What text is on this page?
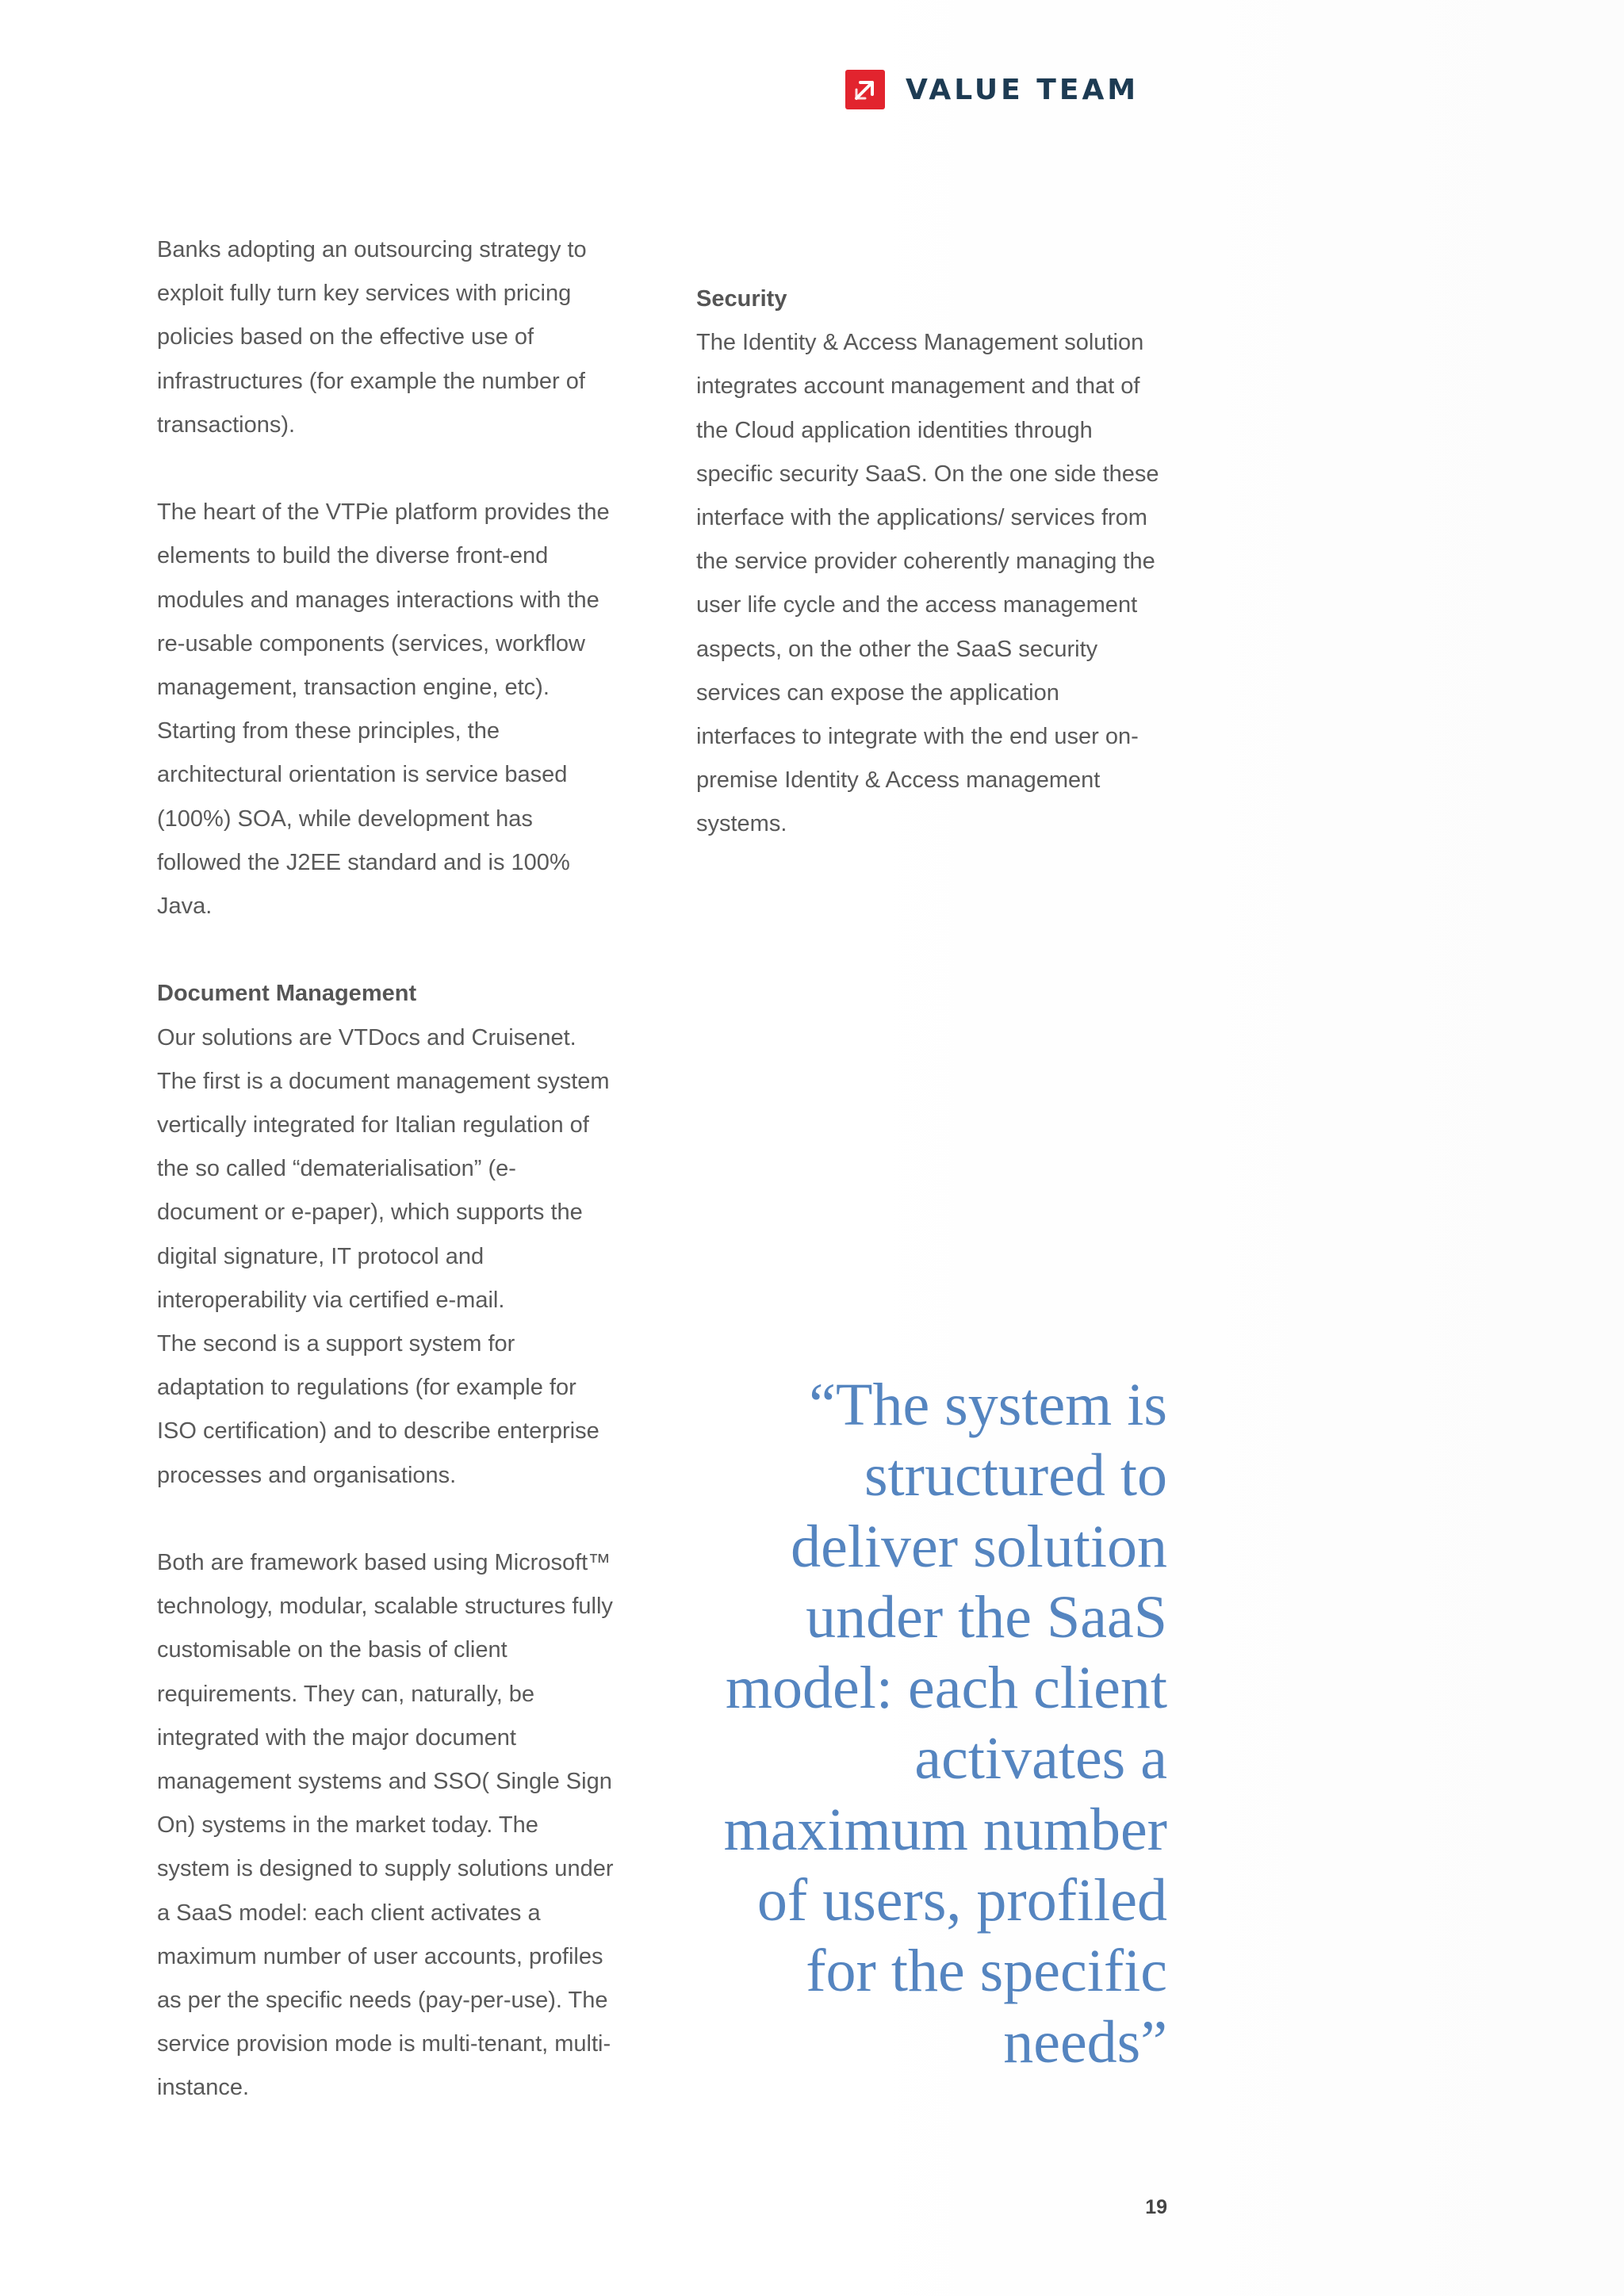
VALUE TEAM

Banks adopting an outsourcing strategy to

exploit fully turn key services with pricing

policies based on the effective use of

infrastructures (for example the number of

transactions).

The heart of the VTPie platform provides the

elements to build the diverse front-end

modules and manages interactions with the

re-usable components (services, workflow

management, transaction engine, etc).

Starting from these principles, the

architectural orientation is service based

(100%) SOA, while development has

followed the J2EE standard and is 100%

Java.

Document Management

Our solutions are VTDocs and Cruisenet.

The first is a document management system

vertically integrated for Italian regulation of

the so called “dematerialisation” (e-

document or e-paper), which supports the

digital signature, IT protocol and

interoperability via certified e-mail.

The second is a support system for

adaptation to regulations (for example for

ISO certification) and to describe enterprise

processes and organisations.

Both are framework based using Microsoft™

technology, modular, scalable structures fully

customisable on the basis of client

requirements. They can, naturally, be

integrated with the major document

management systems and SSO( Single Sign

On) systems in the market today. The

system is designed to supply solutions under

a SaaS model: each client activates a

maximum number of user accounts, profiles

as per the specific needs (pay-per-use). The

service provision mode is multi-tenant, multi-

instance.

Security

The Identity & Access Management solution

integrates account management and that of

the Cloud application identities through

specific security SaaS. On the one side these

interface with the applications/ services from

the service provider coherently managing the

user life cycle and the access management

aspects, on the other the SaaS security

services can expose the application

interfaces to integrate with the end user on-

premise Identity & Access management

systems.

“The system is
structured to
deliver solution
under the SaaS
model: each client
activates a
maximum number
of users, profiled
for the specific
needs”
19
